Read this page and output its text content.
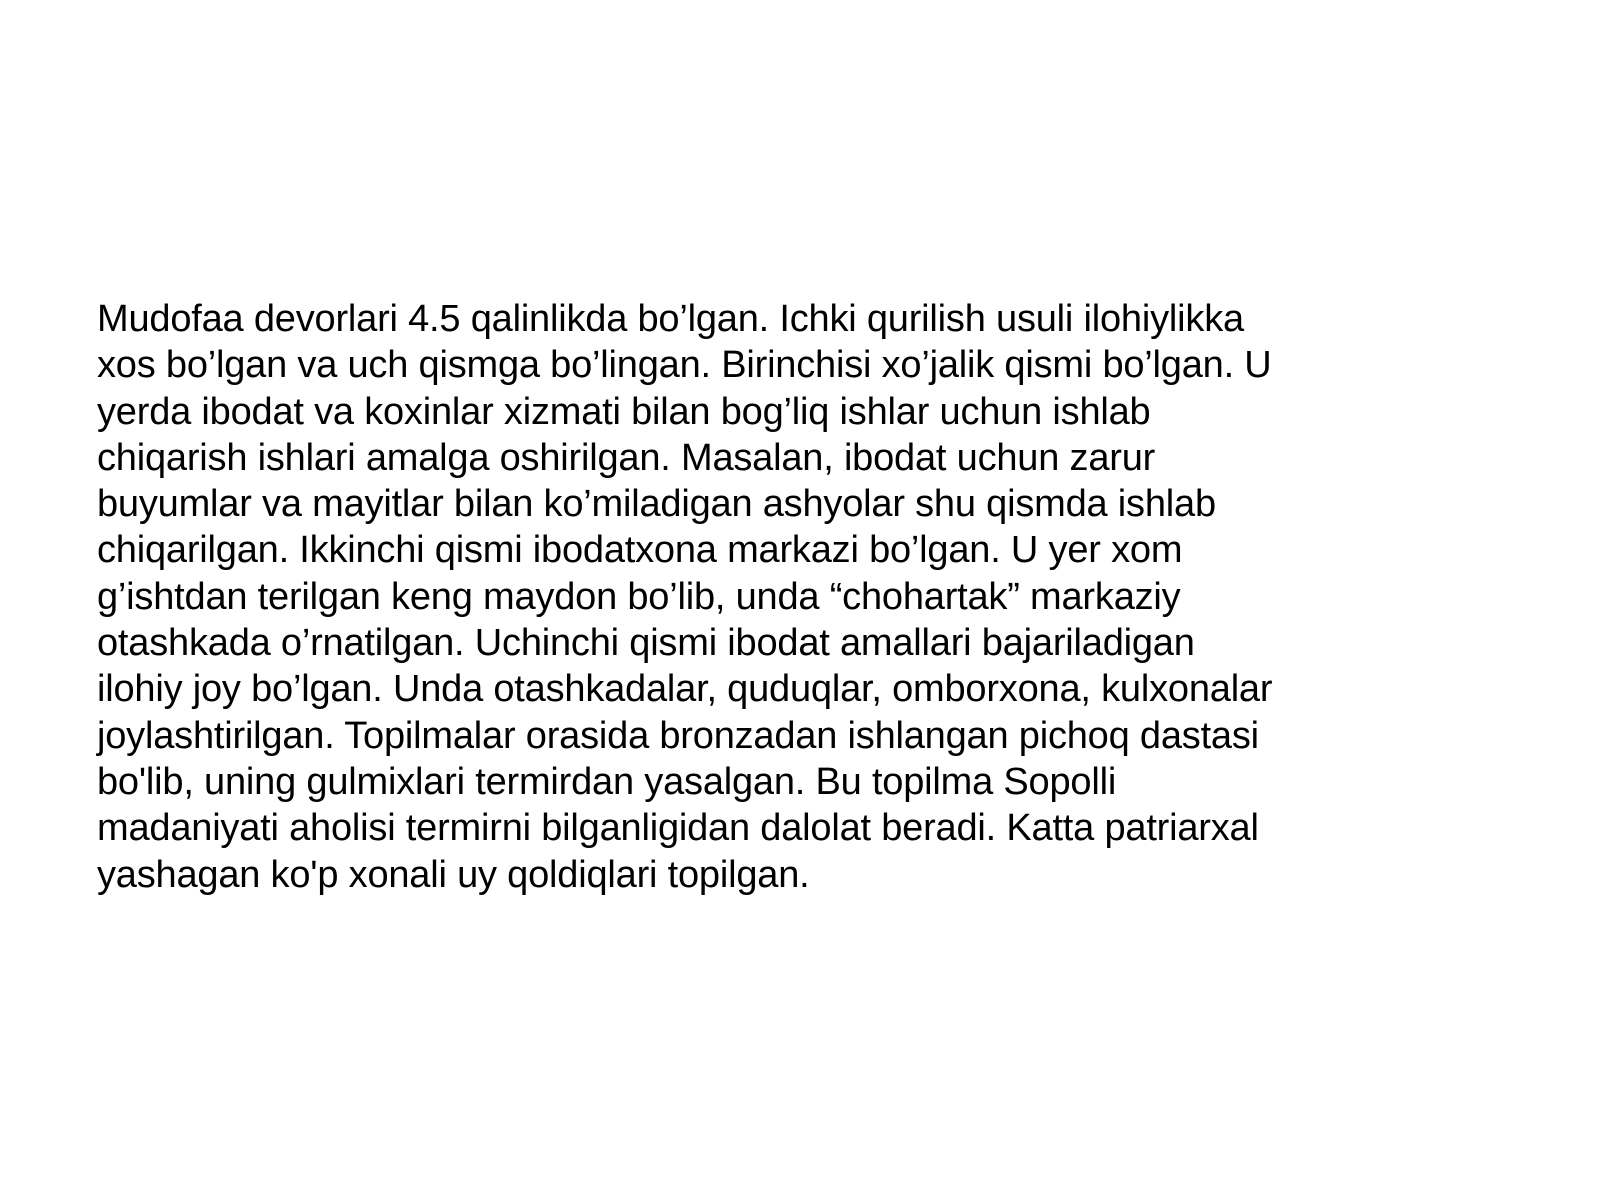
Mudofaa devorlari 4.5 qalinlikda bo’lgan. Ichki qurilish usuli ilohiylikka
xos bo’lgan va uch qismga bo’lingan. Birinchisi xo’jalik qismi bo’lgan. U
yerda ibodat va koxinlar xizmati bilan bog’liq ishlar uchun ishlab
chiqarish ishlari amalga oshirilgan. Masalan, ibodat uchun zarur
buyumlar va mayitlar bilan ko’miladigan ashyolar shu qismda ishlab
chiqarilgan. Ikkinchi qismi ibodatxona markazi bo’lgan. U yer xom
g’ishtdan terilgan keng maydon bo’lib, unda “chohartak” markaziy
otashkada o’rnatilgan. Uchinchi qismi ibodat amallari bajariladigan
ilohiy joy bo’lgan. Unda otashkadalar, quduqlar, omborxona, kulxonalar
joylashtirilgan. Topilmalar orasida bronzadan ishlangan pichoq dastasi
bo'lib, uning gulmixlari termirdan yasalgan. Bu topilma Sopolli
madaniyati aholisi termirni bilganligidan dalolat beradi. Katta patriarxal
yashagan ko'p xonali uy qoldiqlari topilgan.
